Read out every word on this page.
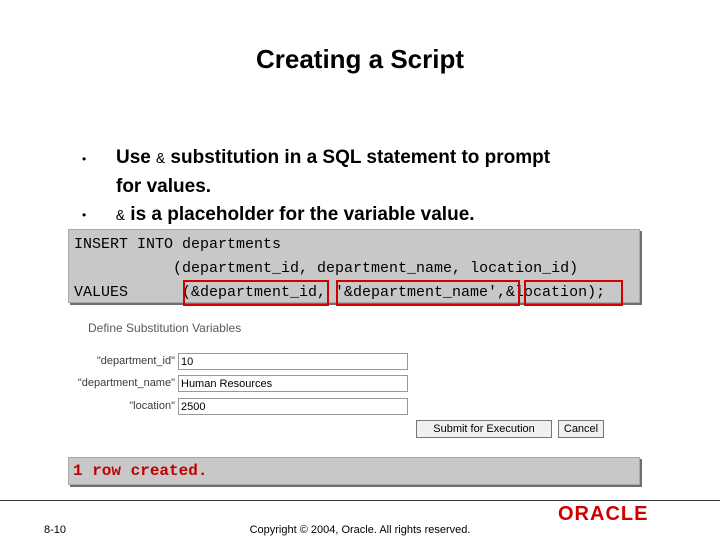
Creating a Script
• Use & substitution in a SQL statement to prompt
for values.
• & is a placeholder for the variable value.
INSERT INTO departments
(department_id, department_name, location_id)
VALUES	(&department_id, '&department_name',&location);
Define Substitution Variables
"department_id" 10
"department_name" Human Resources
"location" 2500
Submit for Execution	Cancel
1 row created.
ORACLE
8-10	Copyright © 2004, Oracle. All rights reserved.
